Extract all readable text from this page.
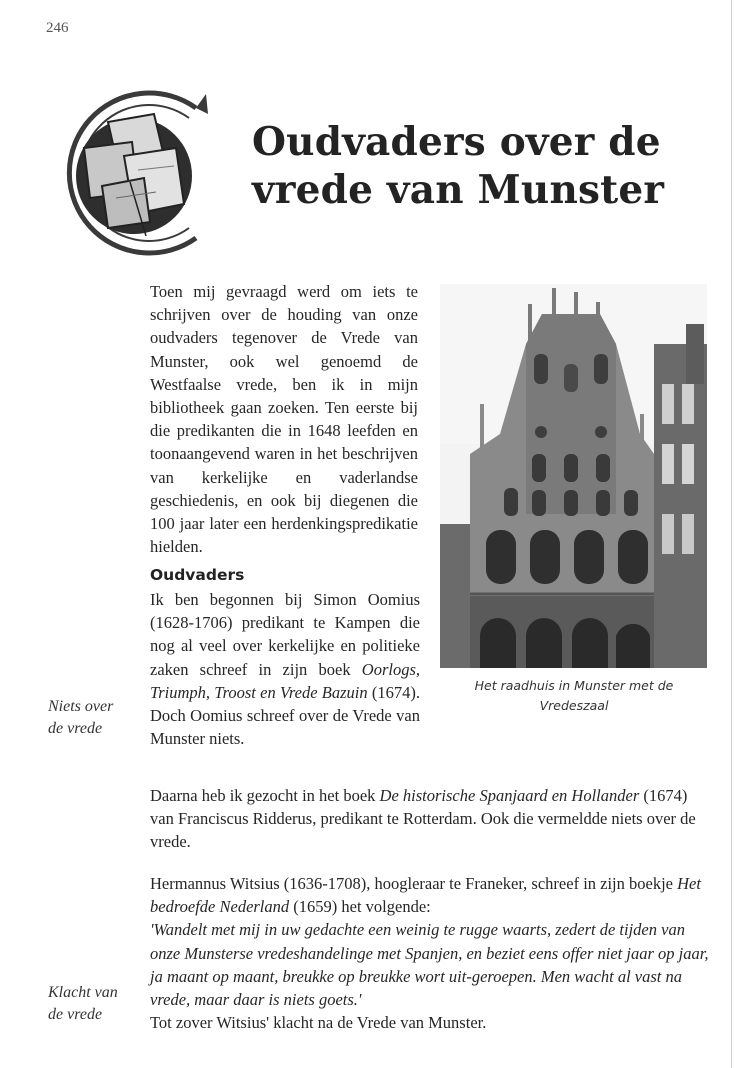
246
Oudvaders over de
vrede van Munster

Toen mij gevraagd werd om iets te schrijven over de houding van onze oudvaders tegenover de Vrede van Munster, ook wel genoemd de Westfaalse vrede, ben ik in mijn bibliotheek gaan zoeken. Ten eerste bij die predikanten die in 1648 leefden en toonaangevend waren in het beschrijven van kerkelijke en vaderlandse geschiedenis, en ook bij diegenen die 100 jaar later een herdenkingspredikatie hielden.

Oudvaders

Ik ben begonnen bij Simon Oomius (1628-1706) predikant te Kampen die nog al veel over kerkelijke en politieke zaken schreef in zijn boek Oorlogs, Triumph, Troost en Vrede Bazuin (1674). Doch Oomius schreef over de Vrede van Munster niets.

Het raadhuis in Munster met de Vredeszaal
Niets over
de vrede

Daarna heb ik gezocht in het boek De historische Spanjaard en Hollander (1674) van Franciscus Ridderus, predikant te Rotterdam. Ook die vermeldde niets over de vrede.

Klacht van
de vrede
Hermannus Witsius (1636-1708), hoogleraar te Franeker, schreef in zijn boekje Het bedroefde Nederland (1659) het volgende:
'Wandelt met mij in uw gedachte een weinig te rugge waarts, zedert de tijden van onze Munsterse vredeshandelinge met Spanjen, en beziet eens offer niet jaar op jaar, ja maant op maant, breukke op breukke wort uit-geroepen. Men wacht al vast na vrede, maar daar is niets goets.'
Tot zover Witsius' klacht na de Vrede van Munster.
